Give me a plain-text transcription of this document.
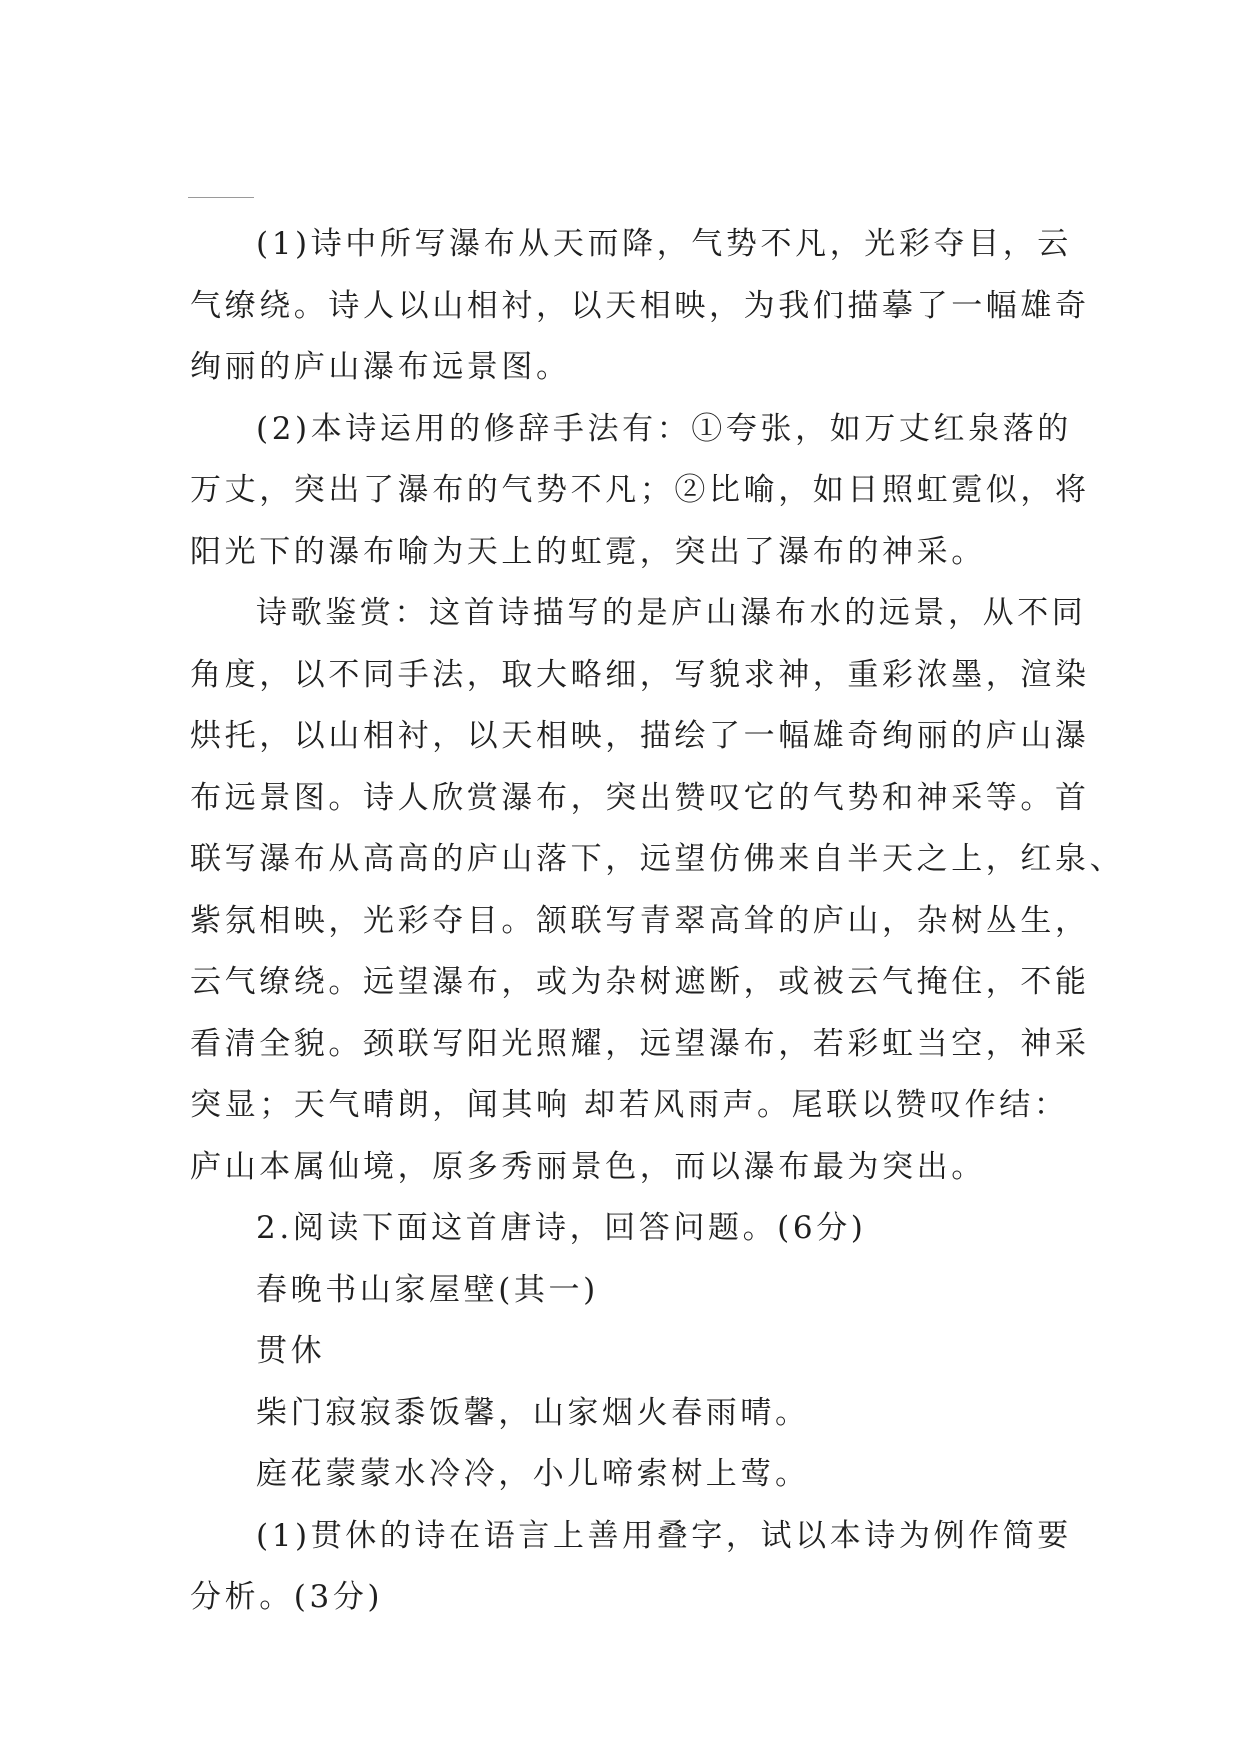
(1)诗中所写瀑布从天而降，气势不凡，光彩夺目，云
气缭绕。诗人以山相衬，以天相映，为我们描摹了一幅雄奇
绚丽的庐山瀑布远景图。
(2)本诗运用的修辞手法有：①夸张，如万丈红泉落的
万丈，突出了瀑布的气势不凡；②比喻，如日照虹霓似，将
阳光下的瀑布喻为天上的虹霓，突出了瀑布的神采。
诗歌鉴赏：这首诗描写的是庐山瀑布水的远景，从不同
角度，以不同手法，取大略细，写貌求神，重彩浓墨，渲染
烘托，以山相衬，以天相映，描绘了一幅雄奇绚丽的庐山瀑
布远景图。诗人欣赏瀑布，突出赞叹它的气势和神采等。首
联写瀑布从高高的庐山落下，远望仿佛来自半天之上，红泉、
紫氛相映，光彩夺目。颔联写青翠高耸的庐山，杂树丛生，
云气缭绕。远望瀑布，或为杂树遮断，或被云气掩住，不能
看清全貌。颈联写阳光照耀，远望瀑布，若彩虹当空，神采
突显；天气晴朗，闻其响 却若风雨声。尾联以赞叹作结：
庐山本属仙境，原多秀丽景色，而以瀑布最为突出。
2.阅读下面这首唐诗，回答问题。(6分)
春晚书山家屋壁(其一)
贯休
柴门寂寂黍饭馨，山家烟火春雨晴。
庭花蒙蒙水冷冷，小儿啼索树上莺。
(1)贯休的诗在语言上善用叠字，试以本诗为例作简要
分析。(3分)
